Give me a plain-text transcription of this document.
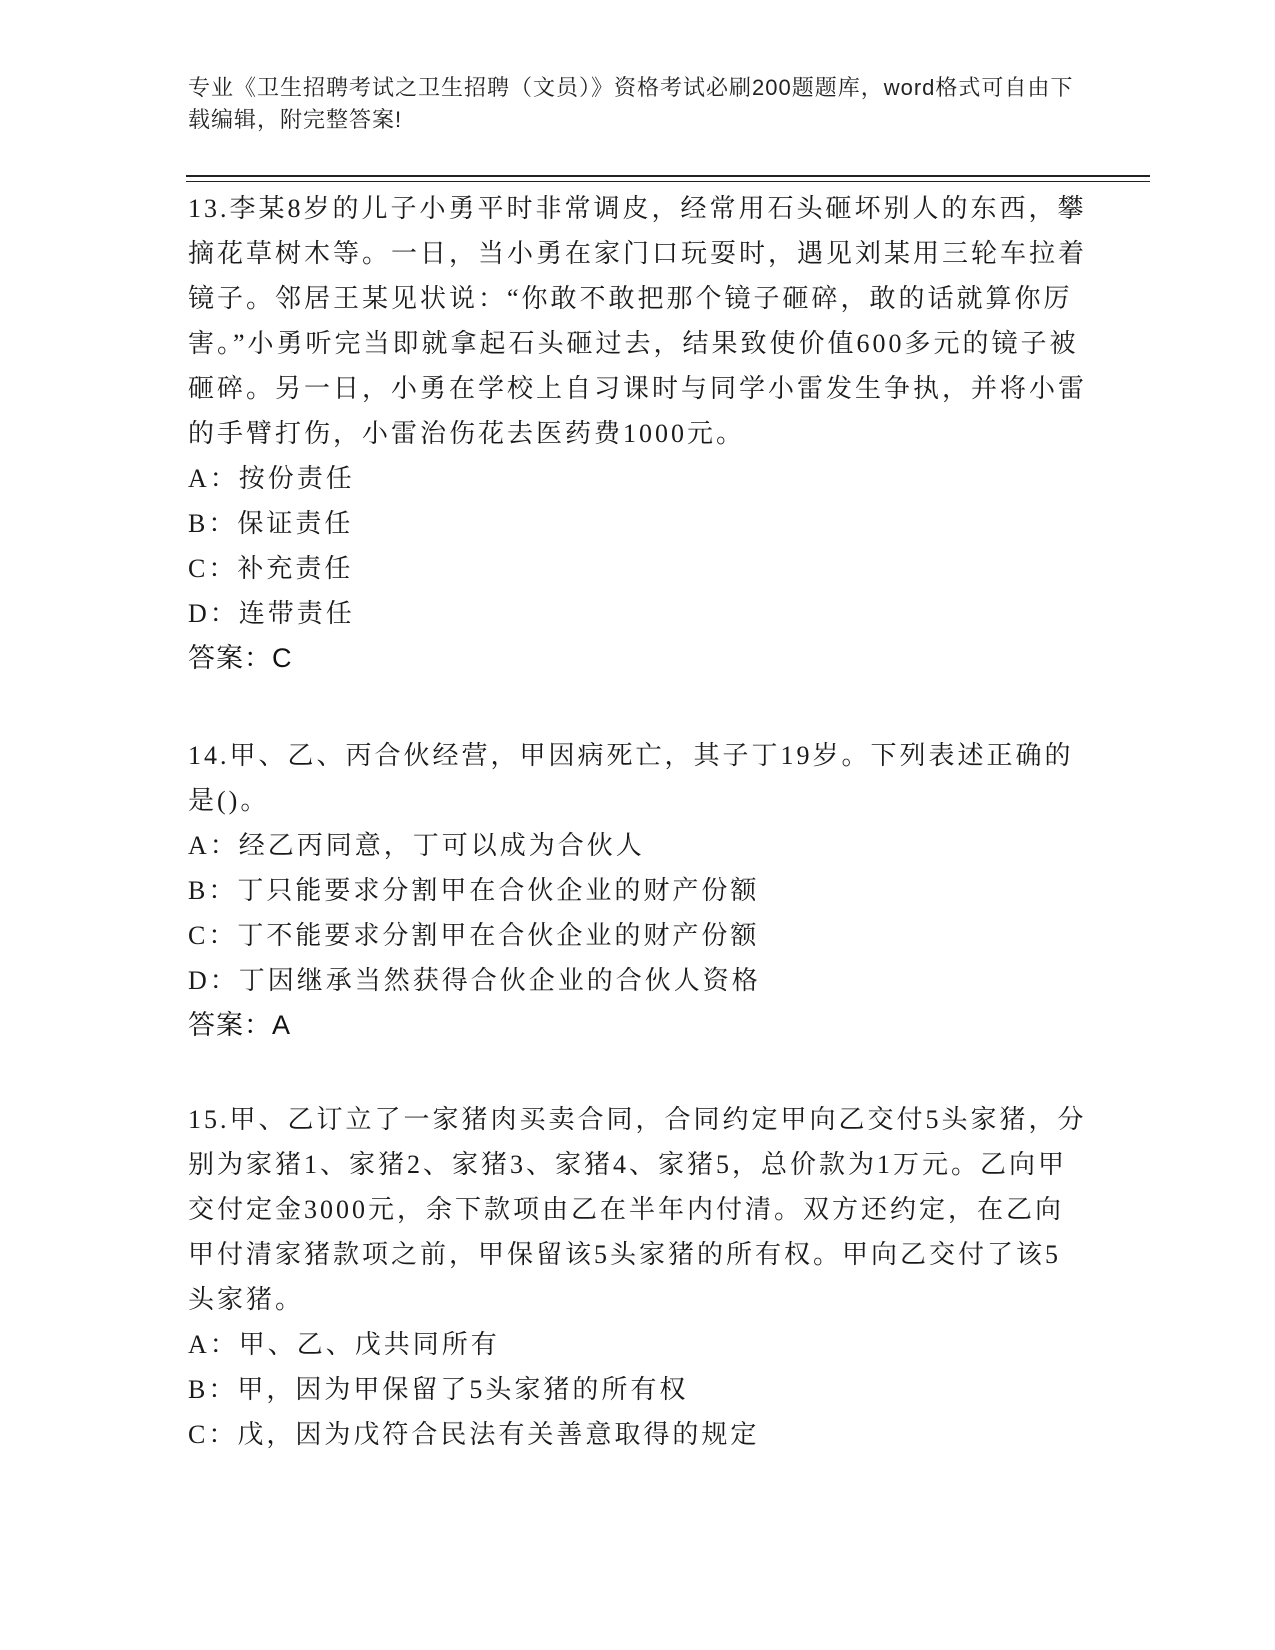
专业《卫生招聘考试之卫生招聘（文员）》资格考试必刷200题题库，word格式可自由下载编辑，附完整答案!
13.李某8岁的儿子小勇平时非常调皮，经常用石头砸坏别人的东西，攀摘花草树木等。一日，当小勇在家门口玩耍时，遇见刘某用三轮车拉着镜子。邻居王某见状说：“你敢不敢把那个镜子砸碎，敢的话就算你厉害。”小勇听完当即就拿起石头砸过去，结果致使价值600多元的镜子被砸碎。另一日，小勇在学校上自习课时与同学小雷发生争执，并将小雷的手臂打伤，小雷治伤花去医药费1000元。
A：按份责任
B：保证责任
C：补充责任
D：连带责任
答案：C
14.甲、乙、丙合伙经营，甲因病死亡，其子丁19岁。下列表述正确的是()。
A：经乙丙同意，丁可以成为合伙人
B：丁只能要求分割甲在合伙企业的财产份额
C：丁不能要求分割甲在合伙企业的财产份额
D：丁因继承当然获得合伙企业的合伙人资格
答案：A
15.甲、乙订立了一家猪肉买卖合同，合同约定甲向乙交付5头家猪，分别为家猪1、家猪2、家猪3、家猪4、家猪5，总价款为1万元。乙向甲交付定金3000元，余下款项由乙在半年内付清。双方还约定，在乙向甲付清家猪款项之前，甲保留该5头家猪的所有权。甲向乙交付了该5头家猪。
A：甲、乙、戊共同所有
B：甲，因为甲保留了5头家猪的所有权
C：戊，因为戊符合民法有关善意取得的规定
